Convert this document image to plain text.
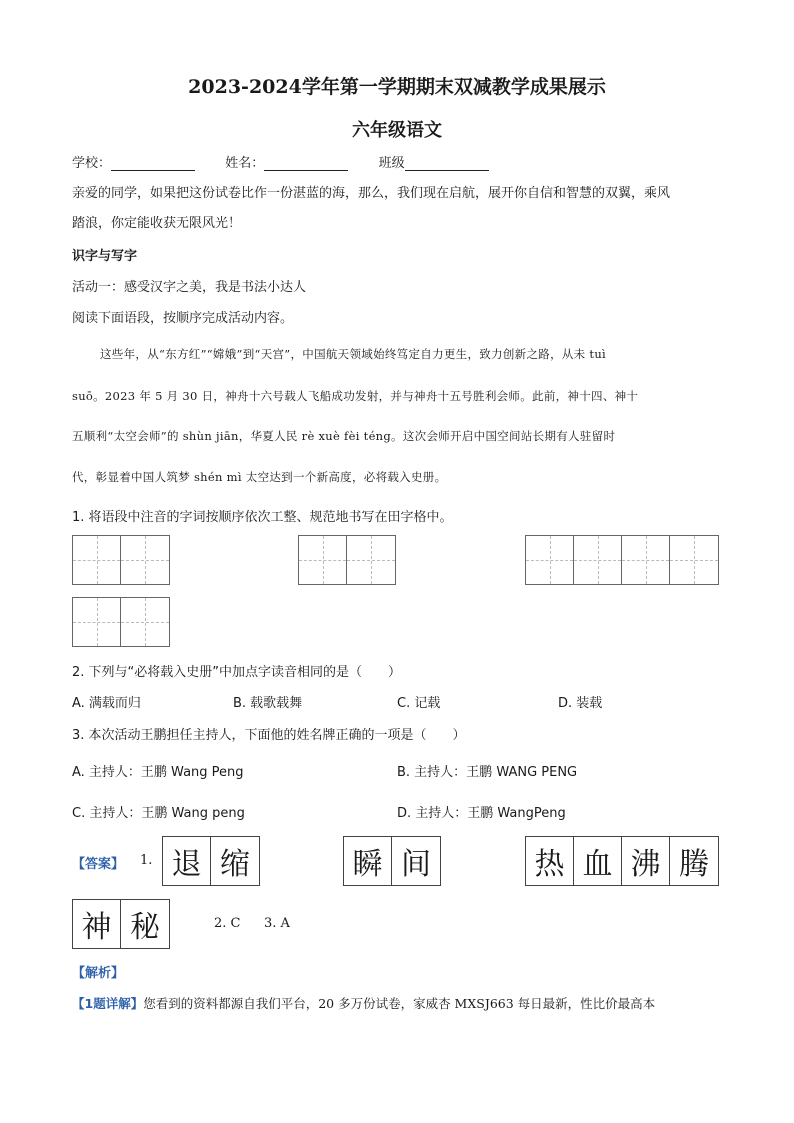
2023-2024学年第一学期期末双减教学成果展示
六年级语文
学校：	姓名：	班级
亲爱的同学，如果把这份试卷比作一份湛蓝的海，那么，我们现在启航，展开你自信和智慧的双翼，乘风
踏浪，你定能收获无限风光！
识字与写字
活动一：感受汉字之美，我是书法小达人
阅读下面语段，按顺序完成活动内容。
这些年，从“东方红”“嫦娥”到“天宫”，中国航天领域始终笃定自力更生，致力创新之路，从未 tuì
suō。2023 年 5 月 30 日，神舟十六号载人飞船成功发射，并与神舟十五号胜利会师。此前，神十四、神十
五顺利“太空会师”的 shùn jiān，华夏人民 rè xuè fèi téng。这次会师开启中国空间站长期有人驻留时
代，彰显着中国人筑梦 shén mì 太空达到一个新高度，必将载入史册。
1. 将语段中注音的字词按顺序依次工整、规范地书写在田字格中。
2. 下列与“必将载入史册”中加点字读音相同的是（　　）
A. 满载而归	B. 载歌载舞	C. 记载	D. 装载
3. 本次活动王鹏担任主持人，下面他的姓名牌正确的一项是（　　）
A. 主持人：王鹏 Wang Peng	B. 主持人：王鹏 WANG PENG
C. 主持人：王鹏 Wang peng	D. 主持人：王鹏 WangPeng
【答案】 1. 退 缩	瞬 间	热 血 沸 腾
神 秘	2. C 3. A
【解析】
【1题详解】您看到的资料都源自我们平台，20 多万份试卷，家威杏 MXSJ663 每日最新，性比价最高本
